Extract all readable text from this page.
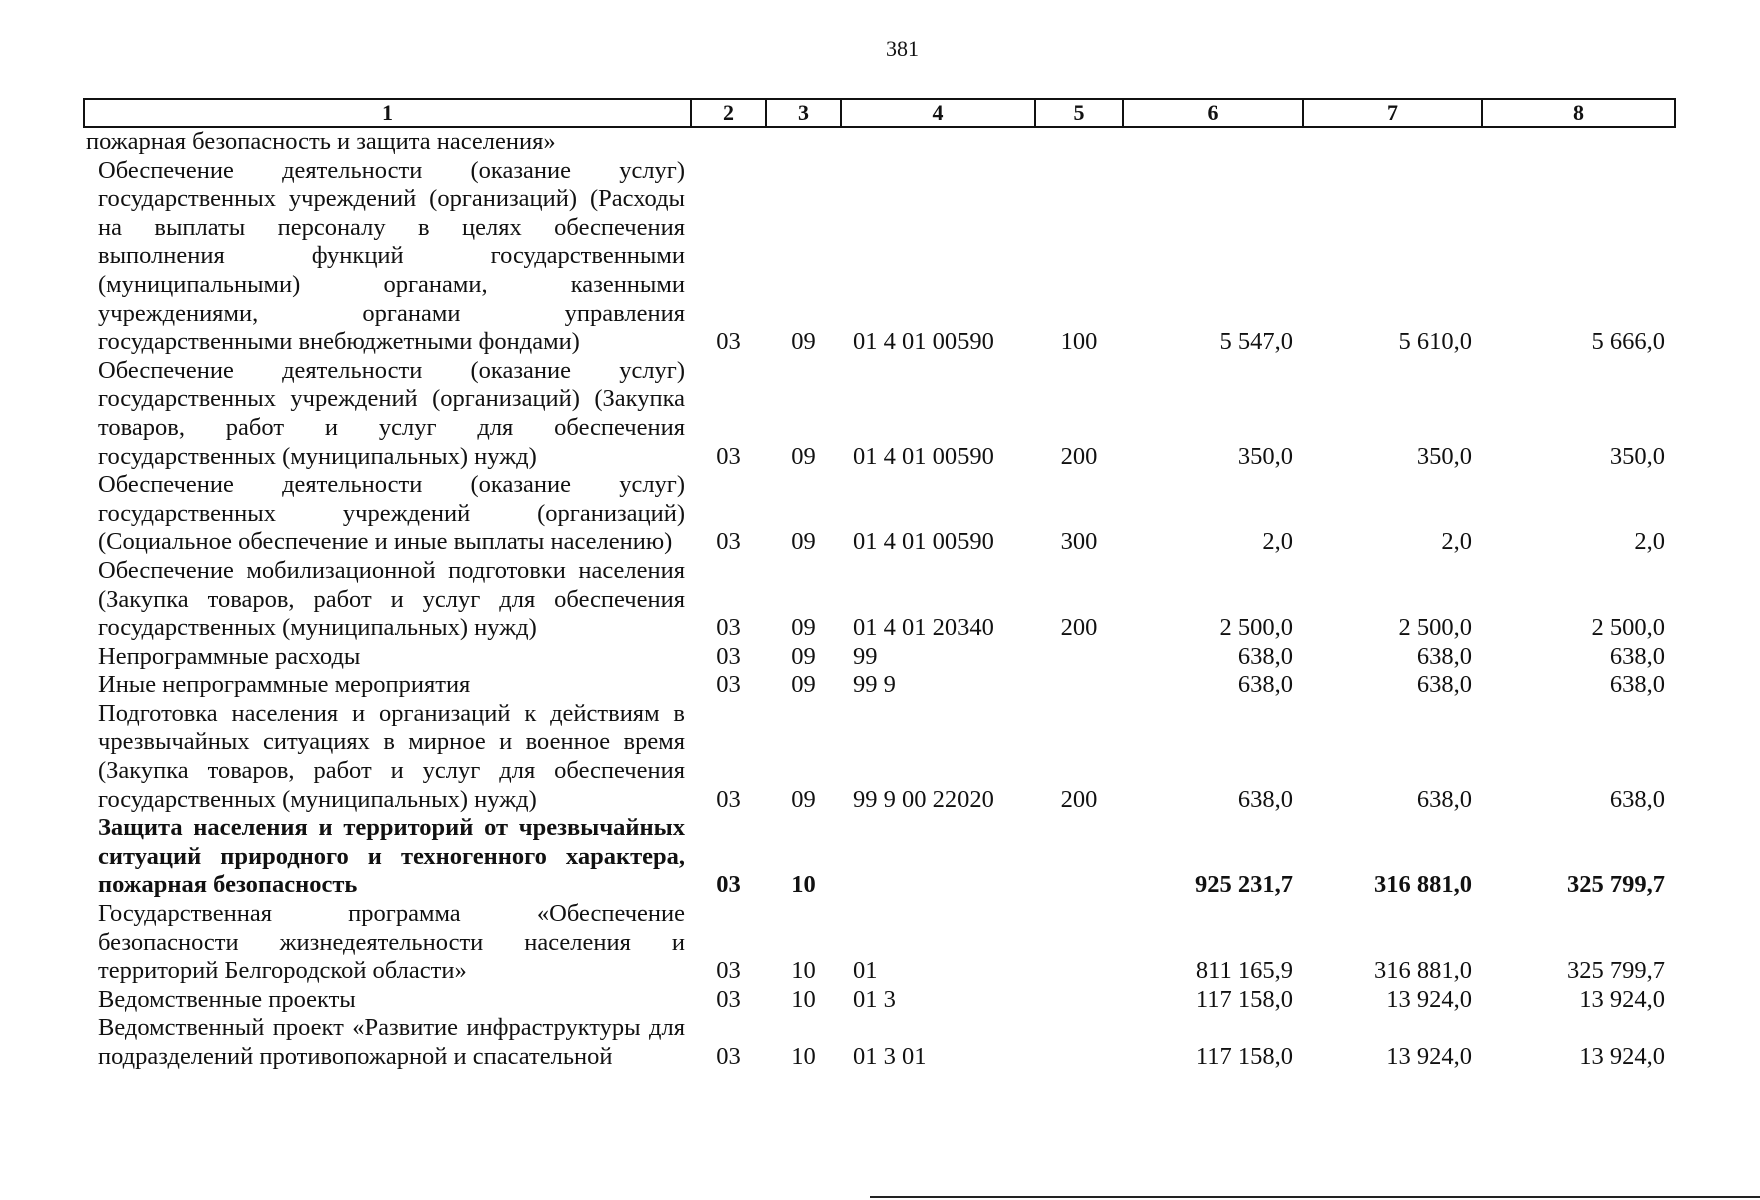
381
1	2	3	4	5	6	7	8
пожарная безопасность и защита населения»							
Обеспечение деятельности (оказание услуг) государственных учреждений (организаций) (Расходы на выплаты персоналу в целях обеспечения выполнения функций государственными (муниципальными) органами, казенными учреждениями, органами управления государственными внебюджетными фондами)	03	09	01 4 01 00590	100	5 547,0	5 610,0	5 666,0
Обеспечение деятельности (оказание услуг) государственных учреждений (организаций) (Закупка товаров, работ и услуг для обеспечения государственных (муниципальных) нужд)	03	09	01 4 01 00590	200	350,0	350,0	350,0
Обеспечение деятельности (оказание услуг) государственных учреждений (организаций) (Социальное обеспечение и иные выплаты населению)	03	09	01 4 01 00590	300	2,0	2,0	2,0
Обеспечение мобилизационной подготовки населения (Закупка товаров, работ и услуг для обеспечения государственных (муниципальных) нужд)	03	09	01 4 01 20340	200	2 500,0	2 500,0	2 500,0
Непрограммные расходы	03	09	99		638,0	638,0	638,0
Иные непрограммные мероприятия	03	09	99 9		638,0	638,0	638,0
Подготовка населения и организаций к действиям в чрезвычайных ситуациях в мирное и военное время (Закупка товаров, работ и услуг для обеспечения государственных (муниципальных) нужд)	03	09	99 9 00 22020	200	638,0	638,0	638,0
Защита населения и территорий от чрезвычайных ситуаций природного и техногенного характера, пожарная безопасность	03	10			925 231,7	316 881,0	325 799,7
Государственная программа «Обеспечение безопасности жизнедеятельности населения и территорий Белгородской области»	03	10	01		811 165,9	316 881,0	325 799,7
Ведомственные проекты	03	10	01 3		117 158,0	13 924,0	13 924,0
Ведомственный проект «Развитие инфраструктуры для подразделений противопожарной и спасательной	03	10	01 3 01		117 158,0	13 924,0	13 924,0
